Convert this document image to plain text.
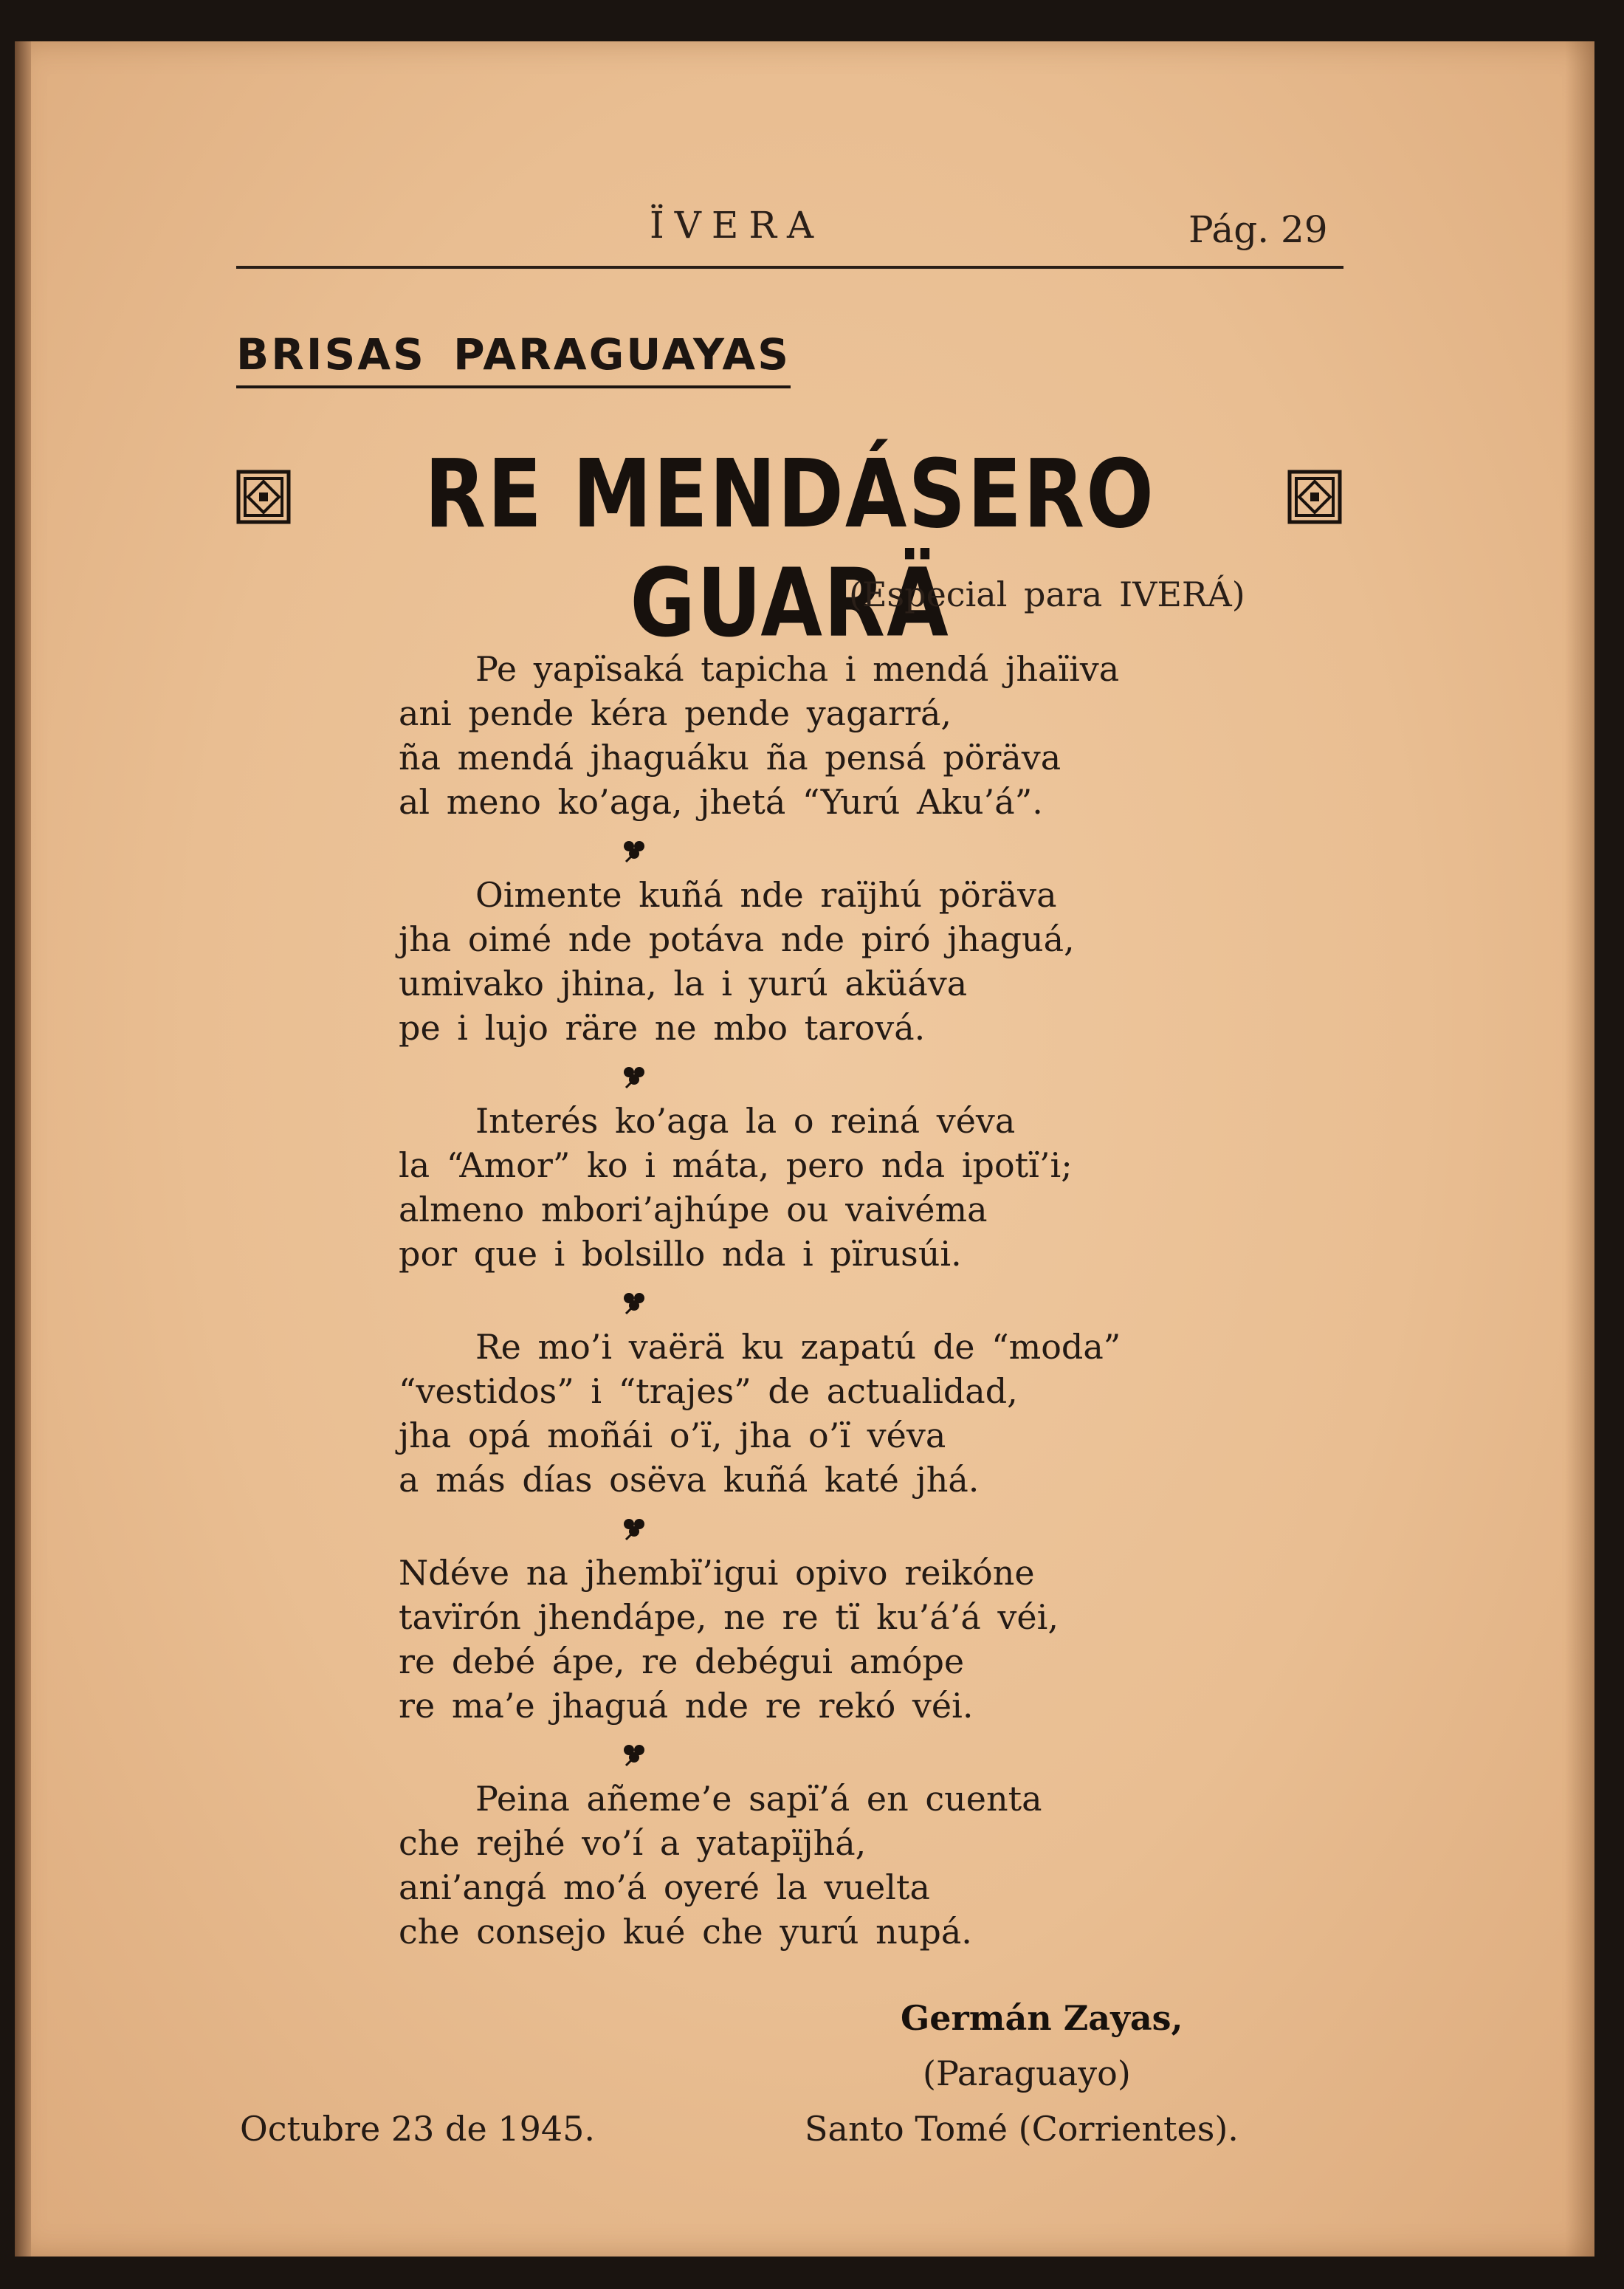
ÏVERA	Pág. 29
BRISAS PARAGUAYAS
RE MENDÁSERO GUARÄ
(Especial para IVERÁ)
Pe yapïsaká tapicha i mendá jhaïiva
ani pende kéra pende yagarrá,
ña mendá jhaguáku ña pensá pöräva
al meno ko’aga, jhetá “Yurú Aku’á”.
Oimente kuñá nde raïjhú pöräva
jha oimé nde potáva nde piró jhaguá,
umivako jhina, la i yurú aküáva
pe i lujo räre ne mbo tarová.
Interés ko’aga la o reiná véva
la “Amor” ko i máta, pero nda ipotï’i;
almeno mbori’ajhúpe ou vaivéma
por que i bolsillo nda i pïrusúi.
Re mo’i vaërä ku zapatú de “moda”
“vestidos” i “trajes” de actualidad,
jha opá moñái o’ï, jha o’ï véva
a más días osëva kuñá katé jhá.
Ndéve na jhembï’igui opivo reikóne
tavïrón jhendápe, ne re tï ku’á’á véi,
re debé ápe, re debégui amópe
re ma’e jhaguá nde re rekó véi.
Peina añeme’e sapï’á en cuenta
che rejhé vo’í a yatapïjhá,
ani’angá mo’á oyeré la vuelta
che consejo kué che yurú nupá.
Germán Zayas,
(Paraguayo)
Octubre 23 de 1945.	Santo Tomé (Corrientes).
